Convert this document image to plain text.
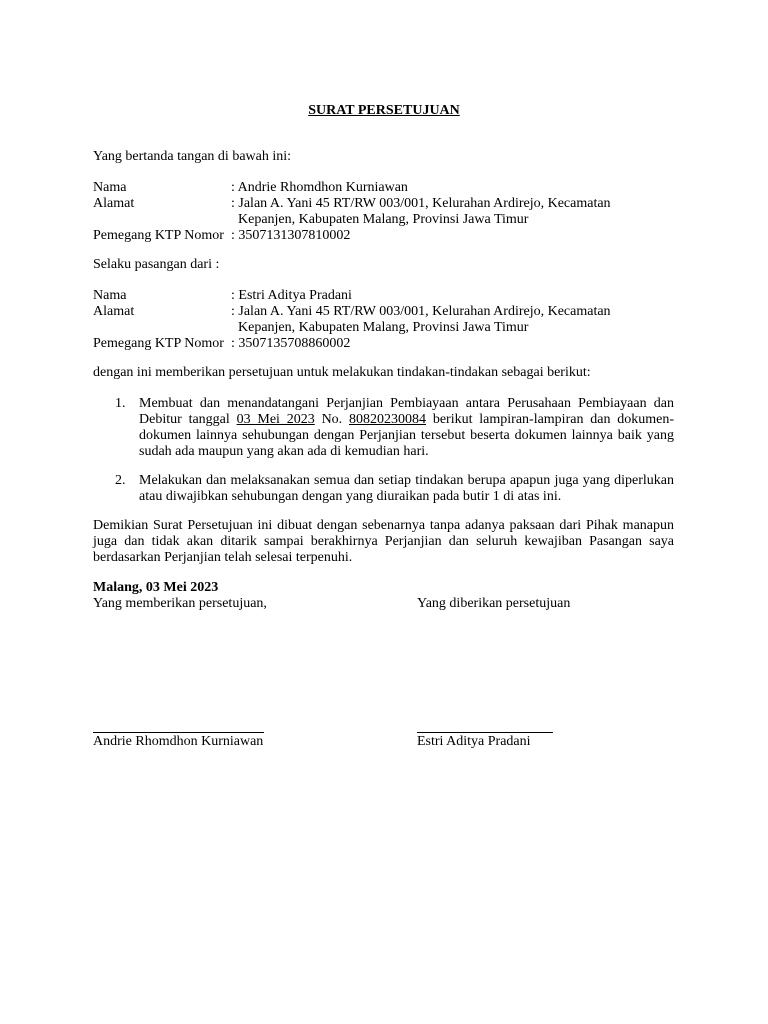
SURAT PERSETUJUAN
Yang bertanda tangan di bawah ini:
Nama	: Andrie Rhomdhon Kurniawan
Alamat	: Jalan A. Yani 45 RT/RW 003/001, Kelurahan Ardirejo, Kecamatan
Kepanjen, Kabupaten Malang, Provinsi Jawa Timur
Pemegang KTP Nomor : 3507131307810002
Selaku pasangan dari :
Nama	: Estri Aditya Pradani
Alamat	: Jalan A. Yani 45 RT/RW 003/001, Kelurahan Ardirejo, Kecamatan
Kepanjen, Kabupaten Malang, Provinsi Jawa Timur
Pemegang KTP Nomor : 3507135708860002
dengan ini memberikan persetujuan untuk melakukan tindakan-tindakan sebagai berikut:
1. Membuat dan menandatangani Perjanjian Pembiayaan antara Perusahaan Pembiayaan dan Debitur tanggal 03 Mei 2023 No. 80820230084 berikut lampiran-lampiran dan dokumen-dokumen lainnya sehubungan dengan Perjanjian tersebut beserta dokumen lainnya baik yang sudah ada maupun yang akan ada di kemudian hari.
2. Melakukan dan melaksanakan semua dan setiap tindakan berupa apapun juga yang diperlukan atau diwajibkan sehubungan dengan yang diuraikan pada butir 1 di atas ini.
Demikian Surat Persetujuan ini dibuat dengan sebenarnya tanpa adanya paksaan dari Pihak manapun juga dan tidak akan ditarik sampai berakhirnya Perjanjian dan seluruh kewajiban Pasangan saya berdasarkan Perjanjian telah selesai terpenuhi.
Malang, 03 Mei 2023
Yang memberikan persetujuan,	Yang diberikan persetujuan
Andrie Rhomdhon Kurniawan	Estri Aditya Pradani
